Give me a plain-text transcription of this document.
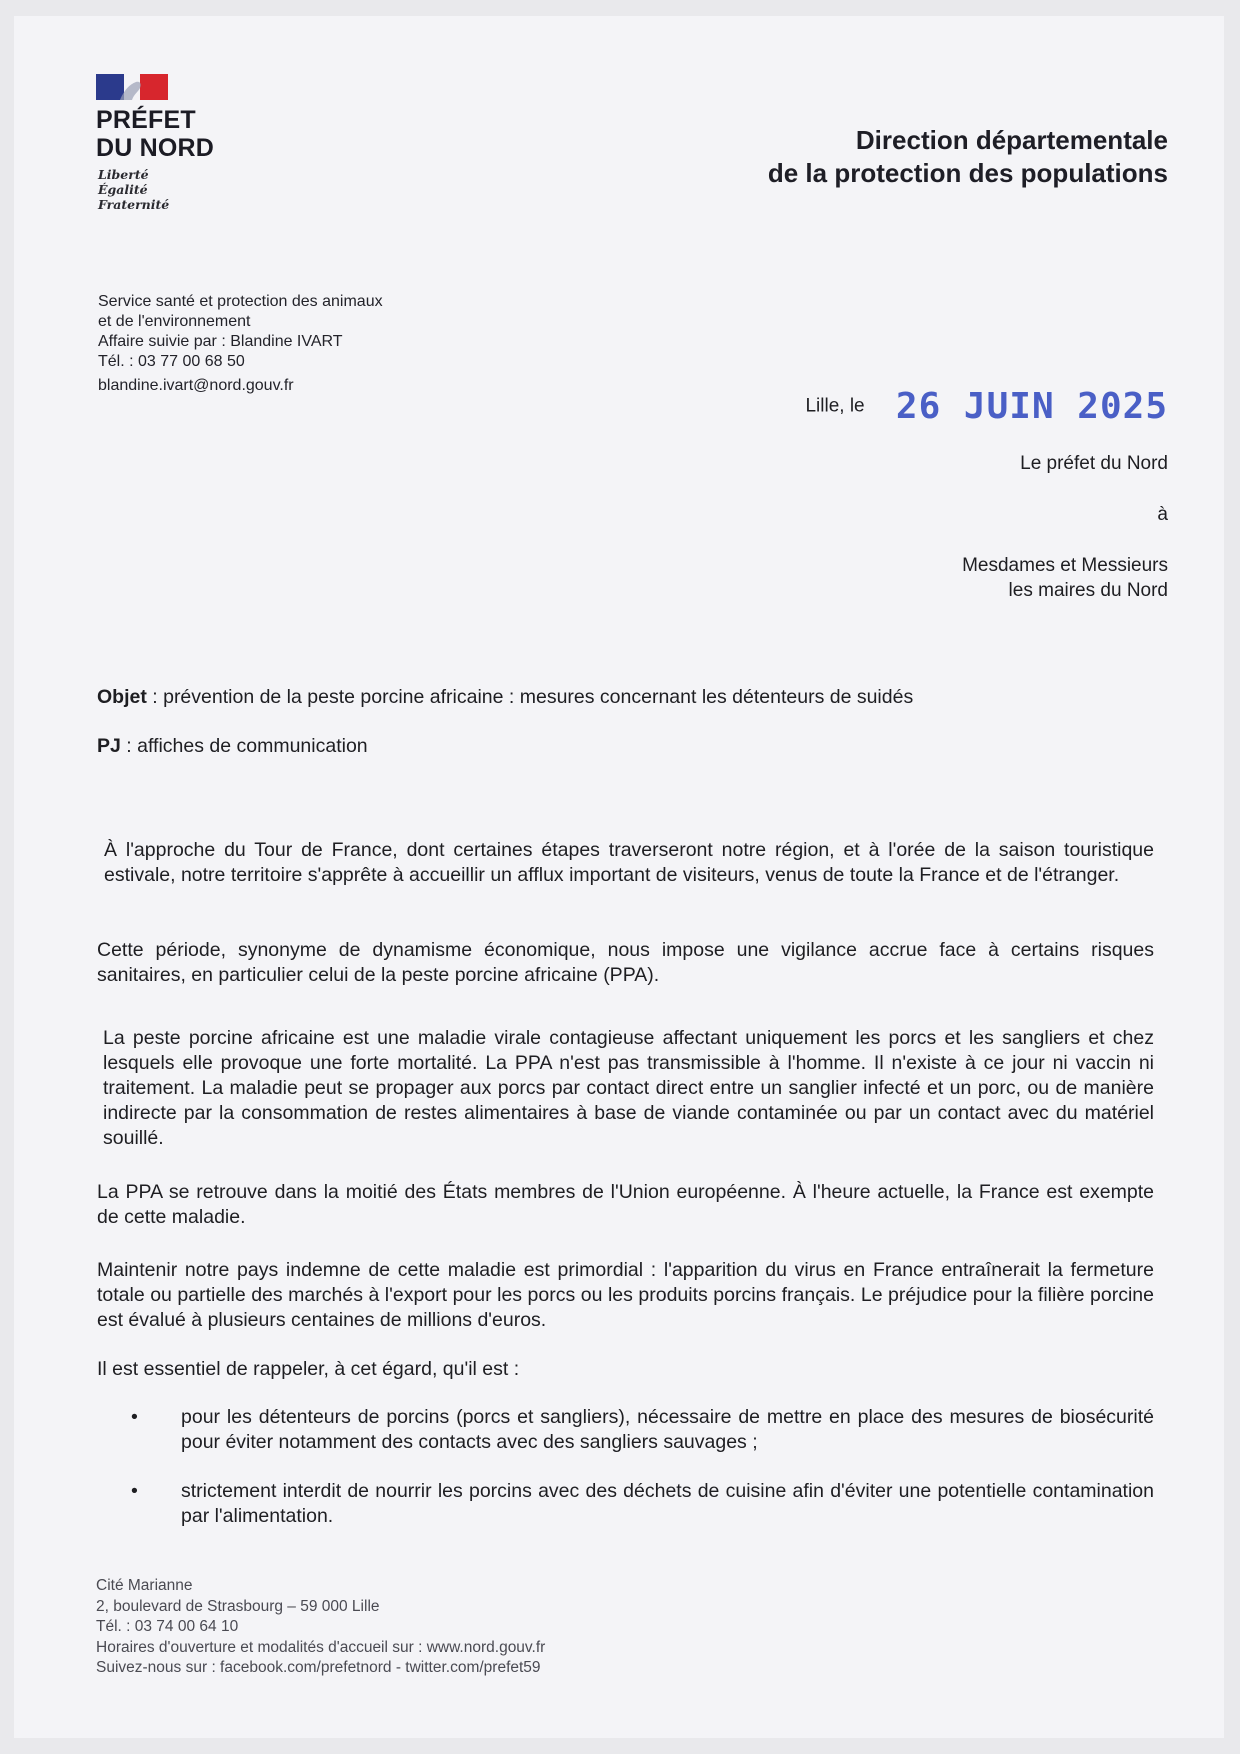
PRÉFET
DU NORD
Liberté
Égalité
Fraternité
Direction départementale
de la protection des populations
Service santé et protection des animaux
et de l'environnement
Affaire suivie par : Blandine IVART
Tél. : 03 77 00 68 50
blandine.ivart@nord.gouv.fr
Lille, le 26 JUIN 2025
Le préfet du Nord
à
Mesdames et Messieurs
les maires du Nord
Objet : prévention de la peste porcine africaine : mesures concernant les détenteurs de suidés
PJ : affiches de communication
À l'approche du Tour de France, dont certaines étapes traverseront notre région, et à l'orée de la saison touristique estivale, notre territoire s'apprête à accueillir un afflux important de visiteurs, venus de toute la France et de l'étranger.
Cette période, synonyme de dynamisme économique, nous impose une vigilance accrue face à certains risques sanitaires, en particulier celui de la peste porcine africaine (PPA).
La peste porcine africaine est une maladie virale contagieuse affectant uniquement les porcs et les sangliers et chez lesquels elle provoque une forte mortalité. La PPA n'est pas transmissible à l'homme. Il n'existe à ce jour ni vaccin ni traitement. La maladie peut se propager aux porcs par contact direct entre un sanglier infecté et un porc, ou de manière indirecte par la consommation de restes alimentaires à base de viande contaminée ou par un contact avec du matériel souillé.
La PPA se retrouve dans la moitié des États membres de l'Union européenne. À l'heure actuelle, la France est exempte de cette maladie.
Maintenir notre pays indemne de cette maladie est primordial : l'apparition du virus en France entraînerait la fermeture totale ou partielle des marchés à l'export pour les porcs ou les produits porcins français. Le préjudice pour la filière porcine est évalué à plusieurs centaines de millions d'euros.
Il est essentiel de rappeler, à cet égard, qu'il est :
• pour les détenteurs de porcins (porcs et sangliers), nécessaire de mettre en place des mesures de biosécurité pour éviter notamment des contacts avec des sangliers sauvages ;
• strictement interdit de nourrir les porcins avec des déchets de cuisine afin d'éviter une potentielle contamination par l'alimentation.
Cité Marianne
2, boulevard de Strasbourg – 59 000 Lille
Tél. : 03 74 00 64 10
Horaires d'ouverture et modalités d'accueil sur : www.nord.gouv.fr
Suivez-nous sur : facebook.com/prefetnord - twitter.com/prefet59
